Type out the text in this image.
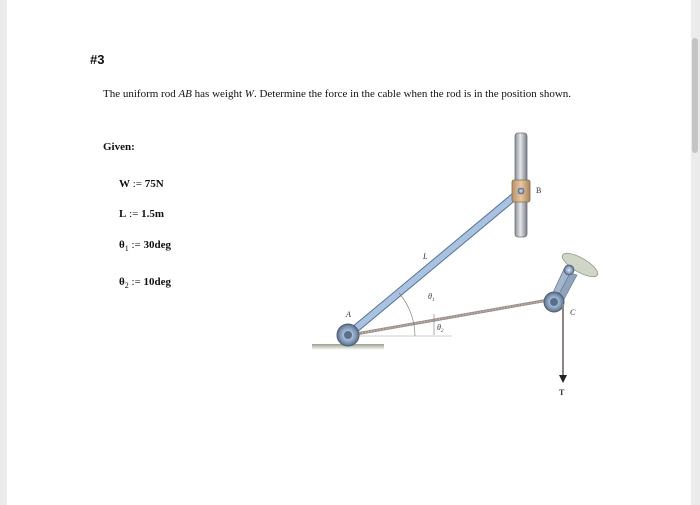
#3
The uniform rod AB has weight W. Determine the force in the cable when the rod is in the position shown.
Given:
W := 75N
L := 1.5m
$\theta_1$ := 30deg
$\theta_2$ := 10deg
B
A	C
L
T
$\theta_1$
$\theta_2$
